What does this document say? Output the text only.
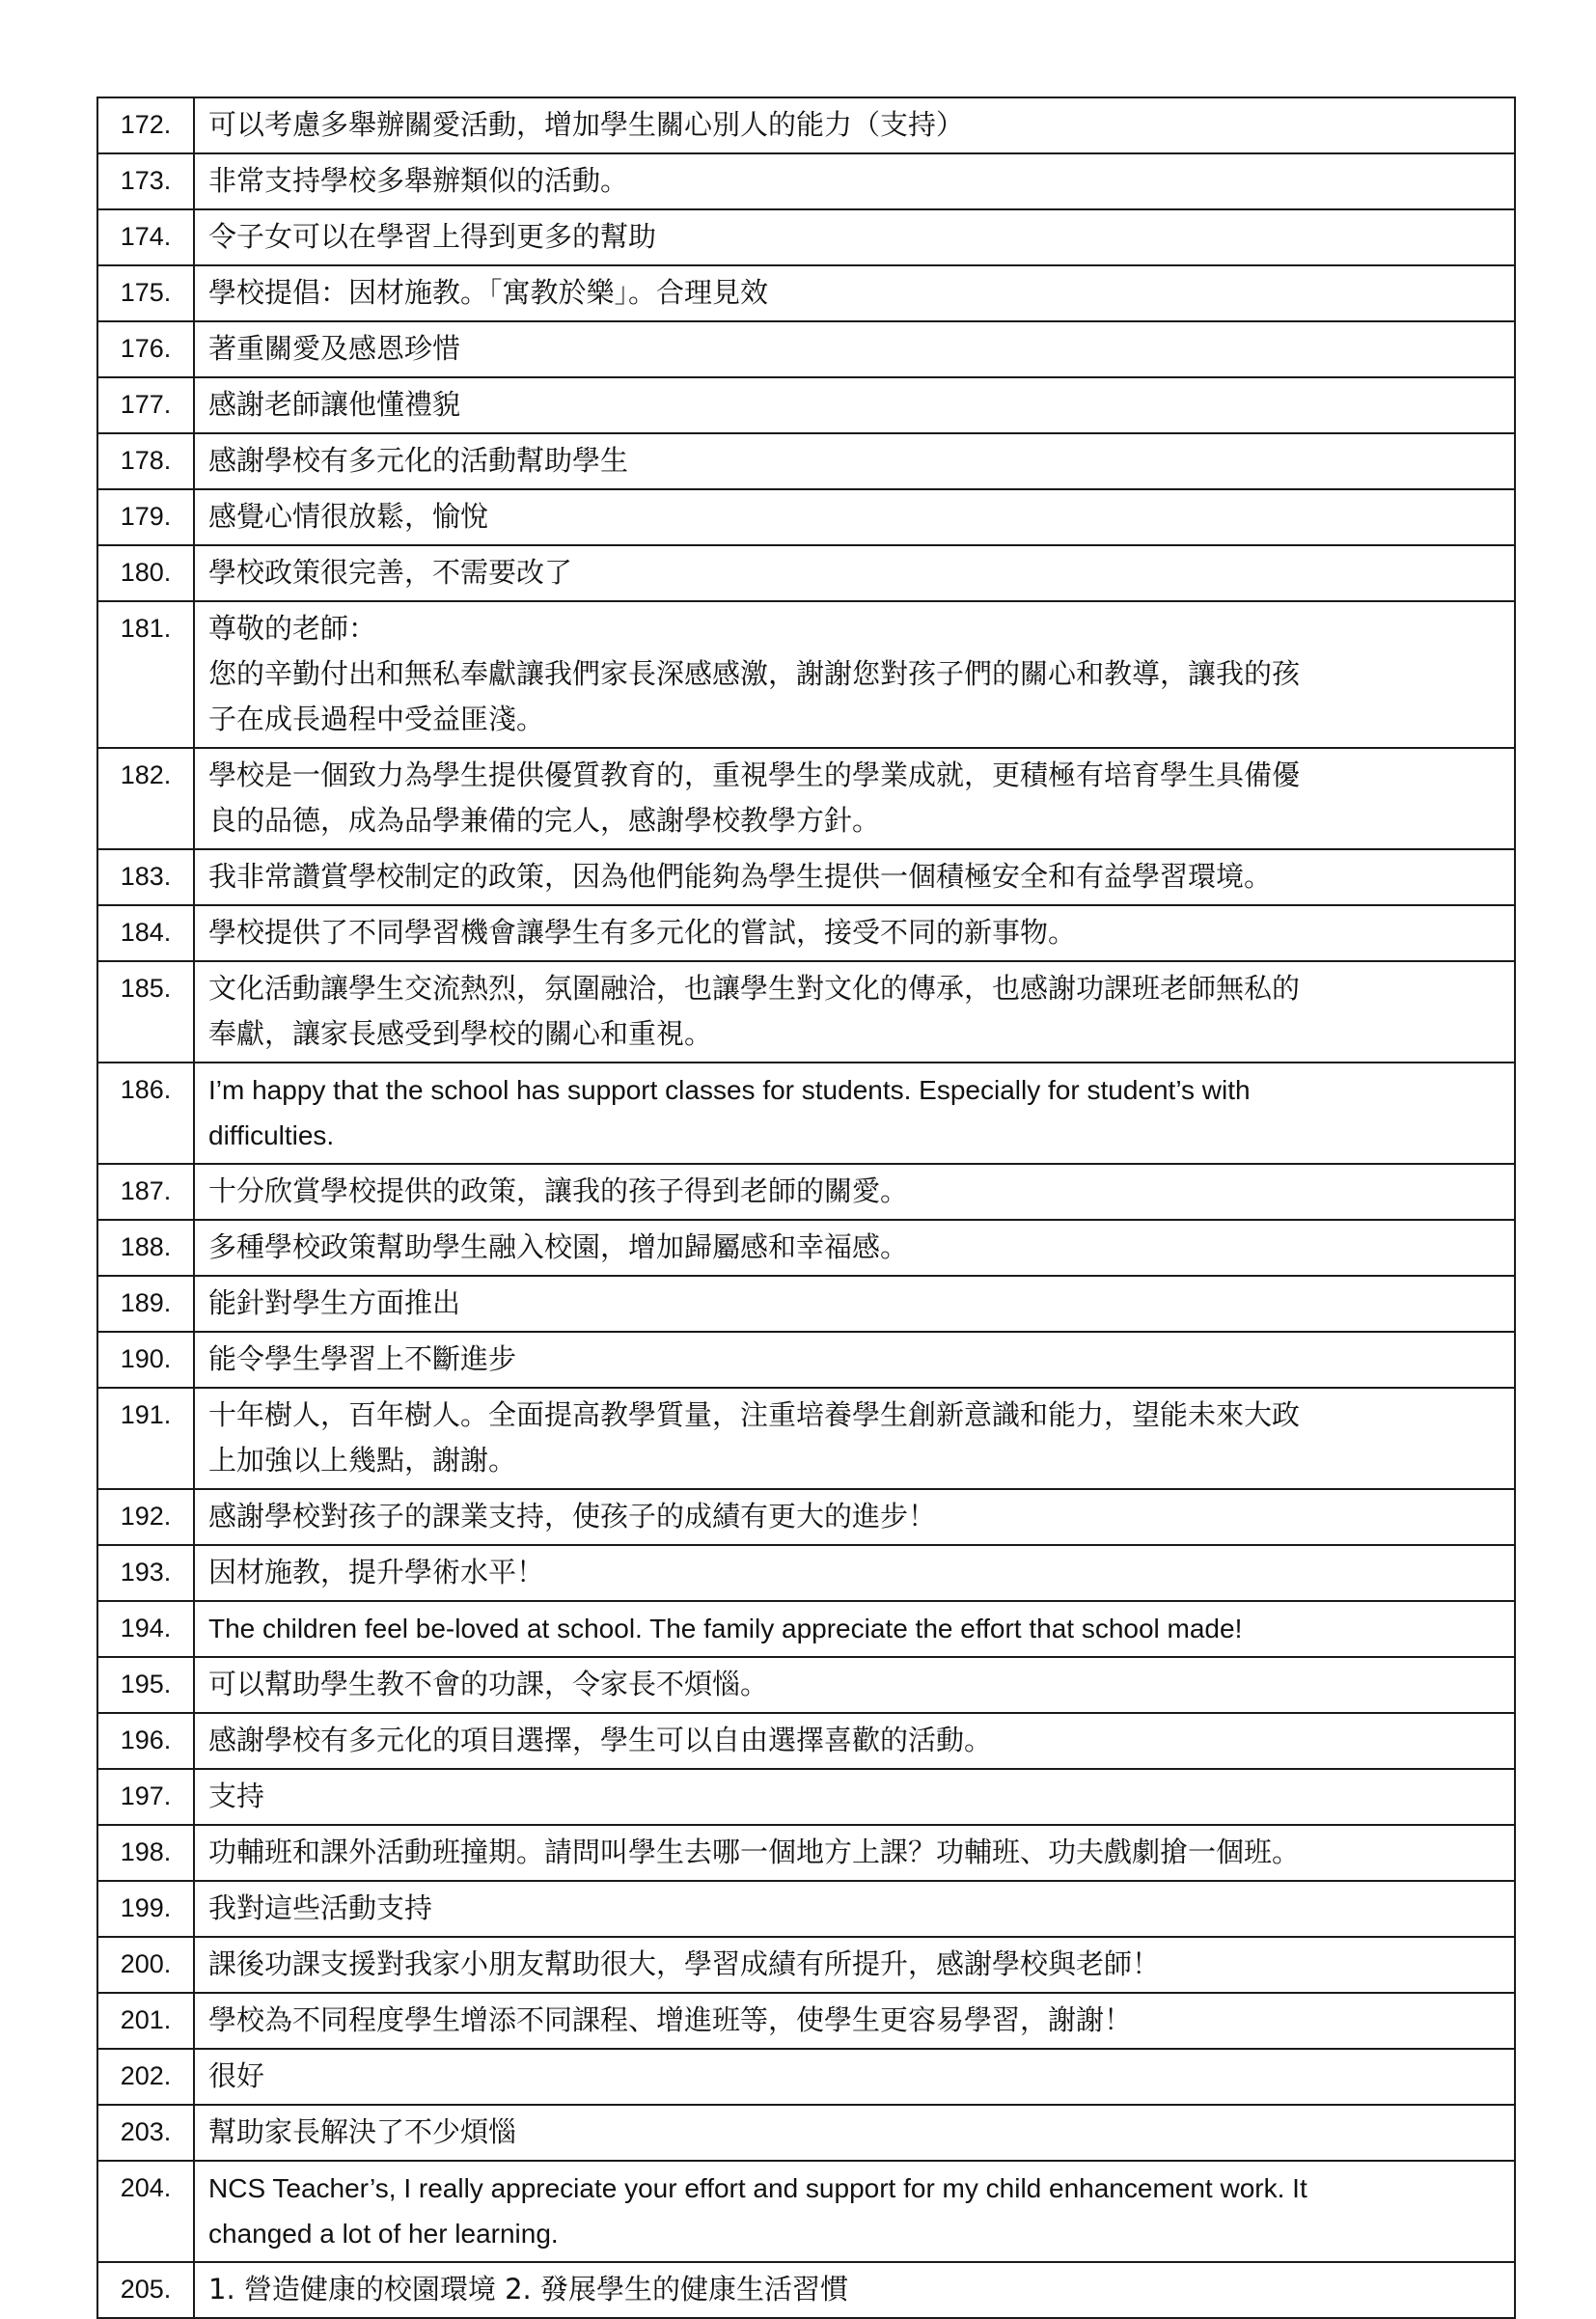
172.	可以考慮多舉辦關愛活動，增加學生關心別人的能力（支持）

173.	非常支持學校多舉辦類似的活動。

174.	令子女可以在學習上得到更多的幫助

175.	學校提倡：因材施教。「寓教於樂」。合理見效

176.	著重關愛及感恩珍惜

177.	感謝老師讓他懂禮貌

178.	感謝學校有多元化的活動幫助學生

179.	感覺心情很放鬆，愉悅

180.	學校政策很完善，不需要改了

181.	尊敬的老師：
您的辛勤付出和無私奉獻讓我們家長深感感激，謝謝您對孩子們的關心和教導，讓我的孩
子在成長過程中受益匪淺。

182.	學校是一個致力為學生提供優質教育的，重視學生的學業成就，更積極有培育學生具備優
良的品德，成為品學兼備的完人，感謝學校教學方針。

183.	我非常讚賞學校制定的政策，因為他們能夠為學生提供一個積極安全和有益學習環境。

184.	學校提供了不同學習機會讓學生有多元化的嘗試，接受不同的新事物。

185.	文化活動讓學生交流熱烈，氛圍融洽，也讓學生對文化的傳承，也感謝功課班老師無私的
奉獻，讓家長感受到學校的關心和重視。

186.	I’m happy that the school has support classes for students. Especially for student’s with
difficulties.

187.	十分欣賞學校提供的政策，讓我的孩子得到老師的關愛。

188.	多種學校政策幫助學生融入校園，增加歸屬感和幸福感。

189.	能針對學生方面推出

190.	能令學生學習上不斷進步

191.	十年樹人，百年樹人。全面提高教學質量，注重培養學生創新意識和能力，望能未來大政
上加強以上幾點，謝謝。

192.	感謝學校對孩子的課業支持，使孩子的成績有更大的進步！

193.	因材施教，提升學術水平！

194.	The children feel be-loved at school. The family appreciate the effort that school made!

195.	可以幫助學生教不會的功課，令家長不煩惱。

196.	感謝學校有多元化的項目選擇，學生可以自由選擇喜歡的活動。

197.	支持

198.	功輔班和課外活動班撞期。請問叫學生去哪一個地方上課？功輔班、功夫戲劇搶一個班。

199.	我對這些活動支持

200.	課後功課支援對我家小朋友幫助很大，學習成績有所提升，感謝學校與老師！

201.	學校為不同程度學生增添不同課程、增進班等，使學生更容易學習，謝謝！

202.	很好

203.	幫助家長解決了不少煩惱

204.	NCS Teacher’s, I really appreciate your effort and support for my child enhancement work. It
changed a lot of her learning.

205.	1. 營造健康的校園環境 2. 發展學生的健康生活習慣
